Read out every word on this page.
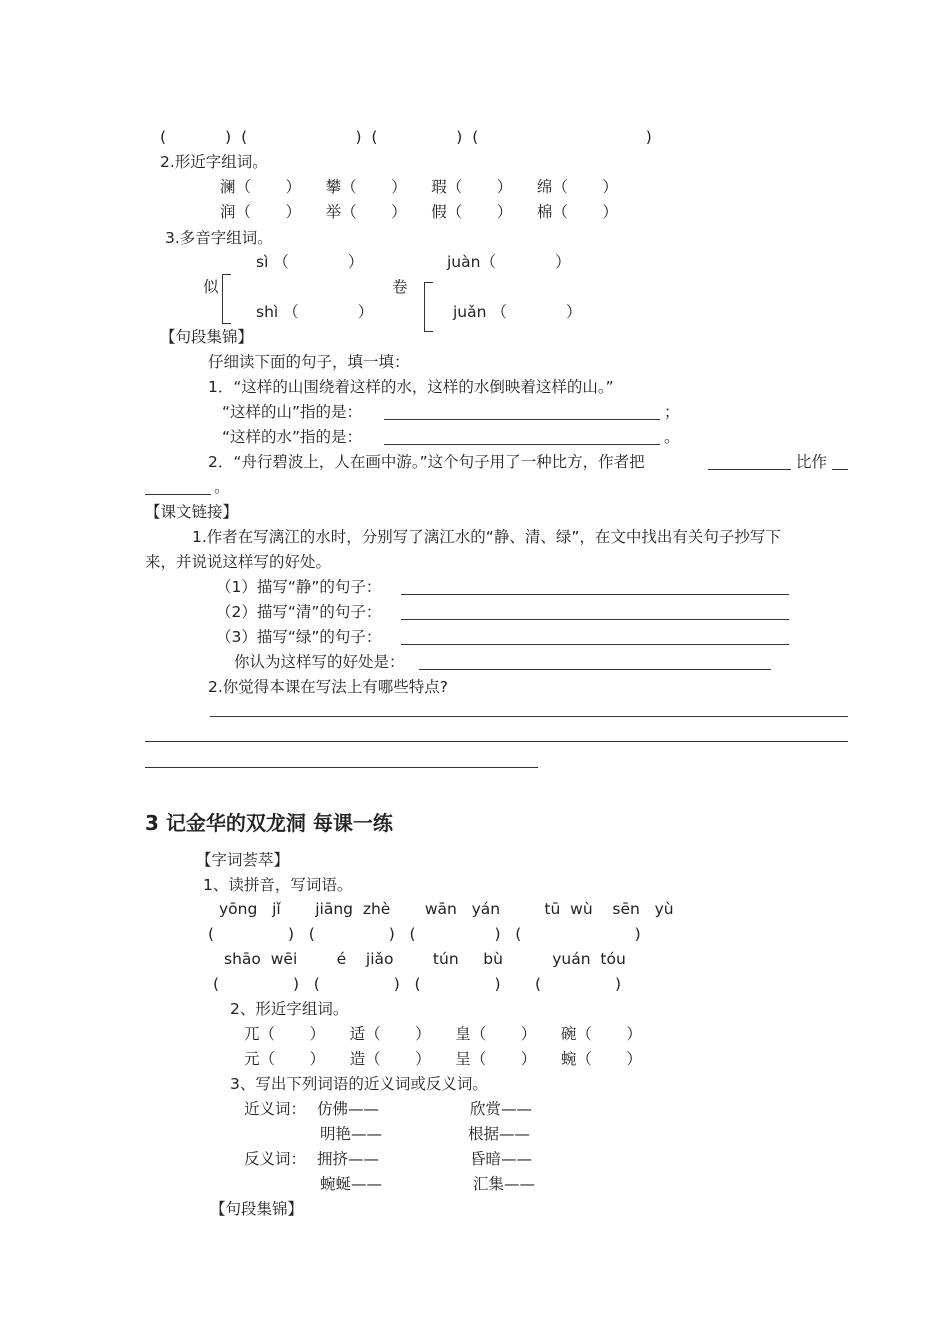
(            )  (                      )  (                )  (                                  )
2.形近字组词。
澜（       ）     攀（       ）     瑕（       ）     绵（       ）
润（       ）     举（       ）     假（       ）     棉（       ）
3.多音字组词。
sì （            ）
似
shì （            ）
juàn（            ）
卷
juǎn （            ）
【句段集锦】
仔细读下面的句子，填一填：
1．“这样的山围绕着这样的水，这样的水倒映着这样的山。”
“这样的山”指的是：	；
“这样的水”指的是：	。
2．“舟行碧波上，人在画中游。”这个句子用了一种比方，作者把	比作
。
【课文链接】
1.作者在写漓江的水时，分别写了漓江水的“静、清、绿”，在文中找出有关句子抄写下
来，并说说这样写的好处。
（1）描写“静”的句子：
（2）描写“清”的句子：
（3）描写“绿”的句子：
你认为这样写的好处是：
2.你觉得本课在写法上有哪些特点?
3 记金华的双龙洞 每课一练
【字词荟萃】
1、读拼音，写词语。
yōng   jǐ       jiāng  zhè       wān   yán         tū  wù    sēn   yù
(               )   (               )   (                )   (                       )
shāo  wēi        é    jiǎo        tún     bù          yuán  tóu
(               )   (               )   (               )       (               )
2、形近字组词。
兀（       ）     适（       ）     皇（       ）     碗（       ）
元（       ）     造（       ）     呈（       ）     蜿（       ）
3、写出下列词语的近义词或反义词。
近义词： 仿佛——	欣赏——
明艳——	根据——
反义词： 拥挤——	昏暗——
蜿蜒——	汇集——
【句段集锦】
